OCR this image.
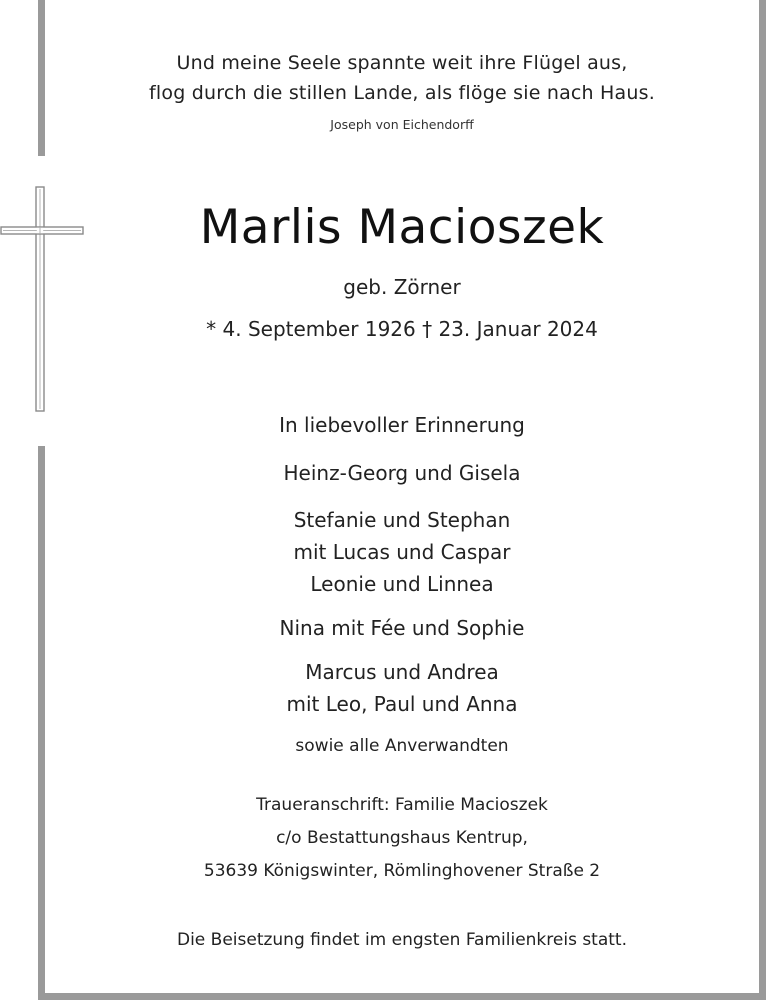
Und meine Seele spannte weit ihre Flügel aus,
flog durch die stillen Lande, als flöge sie nach Haus.
Joseph von Eichendorff
Marlis Macioszek
geb. Zörner
* 4. September 1926 † 23. Januar 2024
In liebevoller Erinnerung
Heinz-Georg und Gisela
Stefanie und Stephan
mit Lucas und Caspar
Leonie und Linnea
Nina mit Fée und Sophie
Marcus und Andrea
mit Leo, Paul und Anna
sowie alle Anverwandten
Traueranschrift: Familie Macioszek
c/o Bestattungshaus Kentrup,
53639 Königswinter, Römlinghovener Straße 2
Die Beisetzung findet im engsten Familienkreis statt.
